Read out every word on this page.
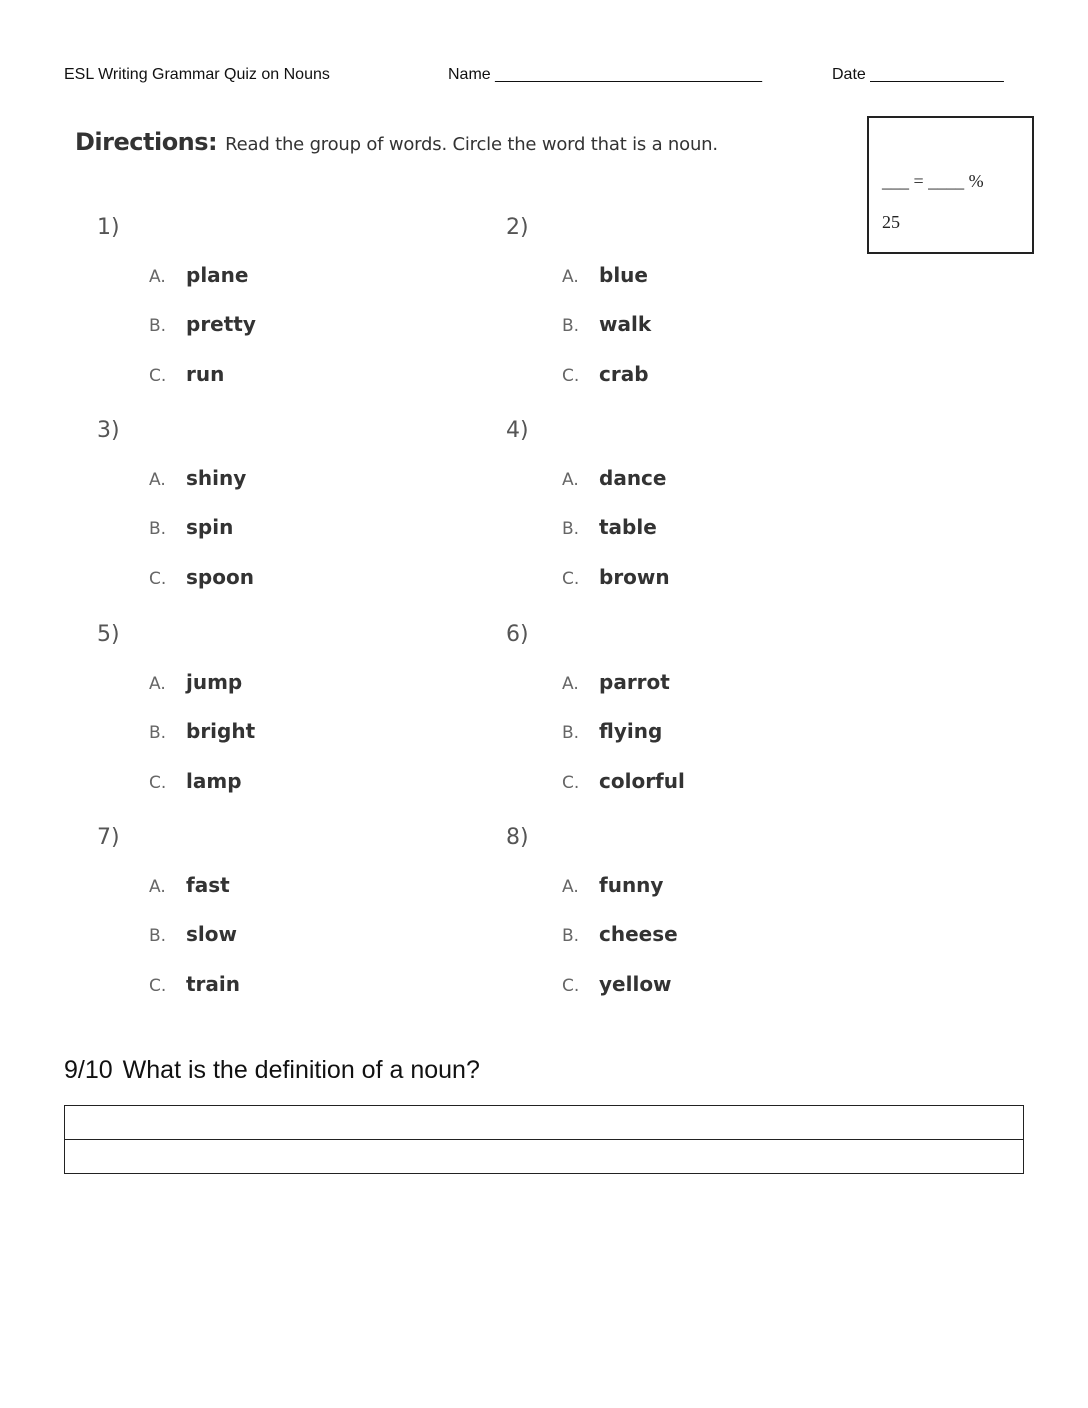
ESL Writing Grammar Quiz on Nouns	Name ______________________________	Date _______________
Directions: Read the group of words. Circle the word that is a noun.
___ = ____ %
25
1)
A. plane
B. pretty
C. run
2)
A. blue
B. walk
C. crab
3)
A. shiny
B. spin
C. spoon
4)
A. dance
B. table
C. brown
5)
A. jump
B. bright
C. lamp
6)
A. parrot
B. flying
C. colorful
7)
A. fast
B. slow
C. train
8)
A. funny
B. cheese
C. yellow
9/10 What is the definition of a noun?
